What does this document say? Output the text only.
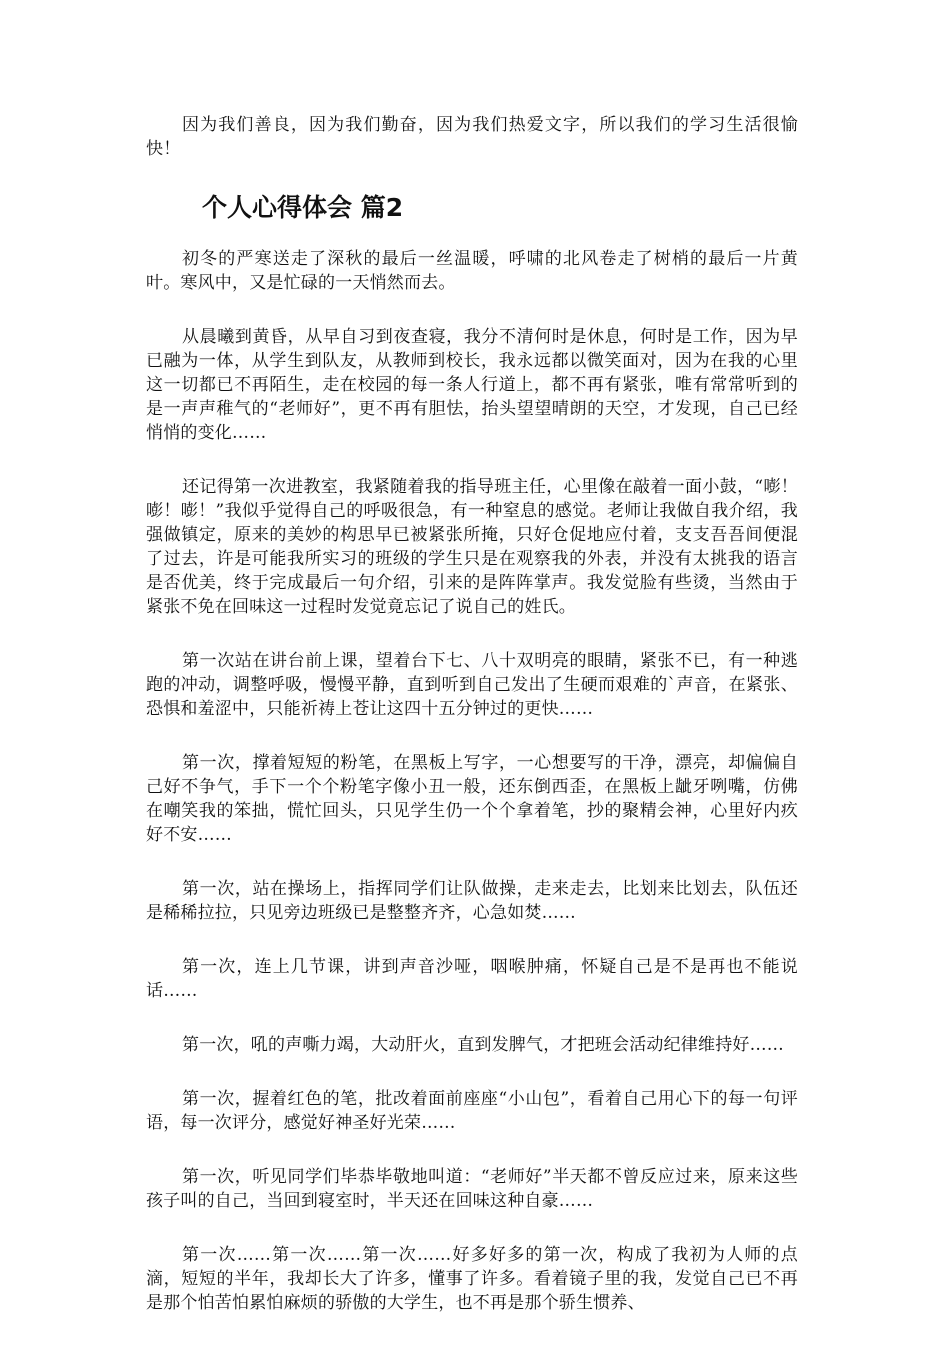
因为我们善良，因为我们勤奋，因为我们热爱文字，所以我们的学习生活很愉快！

个人心得体会 篇2

初冬的严寒送走了深秋的最后一丝温暖，呼啸的北风卷走了树梢的最后一片黄叶。寒风中，又是忙碌的一天悄然而去。

从晨曦到黄昏，从早自习到夜查寝，我分不清何时是休息，何时是工作，因为早已融为一体，从学生到队友，从教师到校长，我永远都以微笑面对，因为在我的心里这一切都已不再陌生，走在校园的每一条人行道上，都不再有紧张，唯有常常听到的是一声声稚气的“老师好”，更不再有胆怯，抬头望望晴朗的天空，才发现，自己已经悄悄的变化……

还记得第一次进教室，我紧随着我的指导班主任，心里像在敲着一面小鼓，“嘭！嘭！嘭！”我似乎觉得自己的呼吸很急，有一种窒息的感觉。老师让我做自我介绍，我强做镇定，原来的美妙的构思早已被紧张所掩，只好仓促地应付着，支支吾吾间便混了过去，许是可能我所实习的班级的学生只是在观察我的外表，并没有太挑我的语言是否优美，终于完成最后一句介绍，引来的是阵阵掌声。我发觉脸有些烫，当然由于紧张不免在回味这一过程时发觉竟忘记了说自己的姓氏。

第一次站在讲台前上课，望着台下七、八十双明亮的眼睛，紧张不已，有一种逃跑的冲动，调整呼吸，慢慢平静，直到听到自己发出了生硬而艰难的`声音，在紧张、恐惧和羞涩中，只能祈祷上苍让这四十五分钟过的更快……

第一次，撑着短短的粉笔，在黑板上写字，一心想要写的干净，漂亮，却偏偏自己好不争气，手下一个个粉笔字像小丑一般，还东倒西歪，在黑板上龇牙咧嘴，仿佛在嘲笑我的笨拙，慌忙回头，只见学生仍一个个拿着笔，抄的聚精会神，心里好内疚好不安……

第一次，站在操场上，指挥同学们让队做操，走来走去，比划来比划去，队伍还是稀稀拉拉，只见旁边班级已是整整齐齐，心急如焚……

第一次，连上几节课，讲到声音沙哑，咽喉肿痛，怀疑自己是不是再也不能说话……

第一次，吼的声嘶力竭，大动肝火，直到发脾气，才把班会活动纪律维持好……

第一次，握着红色的笔，批改着面前座座“小山包”，看着自己用心下的每一句评语，每一次评分，感觉好神圣好光荣……

第一次，听见同学们毕恭毕敬地叫道：“老师好”半天都不曾反应过来，原来这些孩子叫的自己，当回到寝室时，半天还在回味这种自豪……

第一次……第一次……第一次……好多好多的第一次，构成了我初为人师的点滴，短短的半年，我却长大了许多，懂事了许多。看着镜子里的我，发觉自己已不再是那个怕苦怕累怕麻烦的骄傲的大学生，也不再是那个骄生惯养、
